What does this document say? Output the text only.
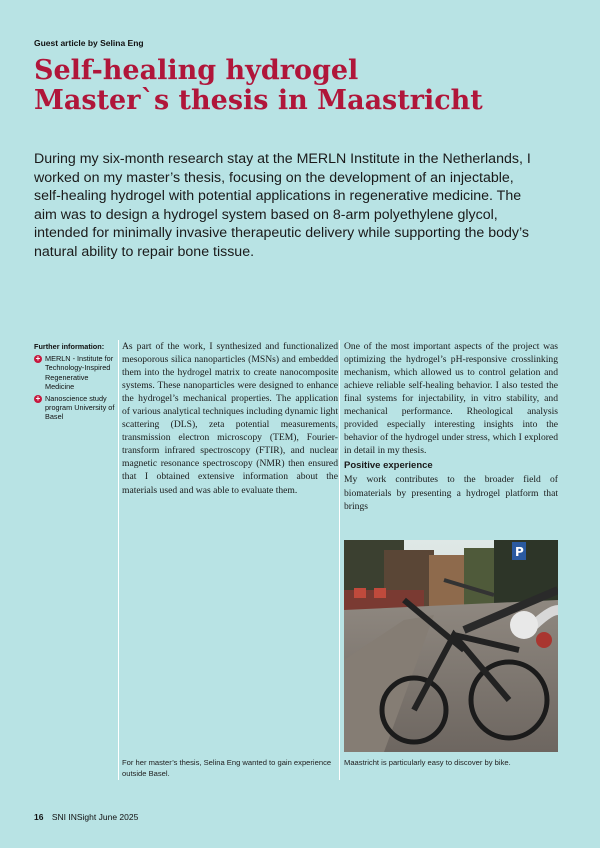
Guest article by Selina Eng
Self-healing hydrogel
Master`s thesis in Maastricht

During my six-month research stay at the MERLN Institute in the Netherlands, I worked on my master’s thesis, focusing on the development of an injectable, self-healing hydrogel with potential applications in regenerative medicine. The aim was to design a hydrogel system based on 8-arm polyethylene glycol, intended for minimally invasive therapeutic delivery while supporting the body’s natural ability to repair bone tissue.

Further information:
+ MERLN - Institute for Technology-Inspired Regenerative Medicine
+ Nanoscience study program University of Basel

As part of the work, I synthesized and functionalized mesoporous silica nanoparticles (MSNs) and embedded them into the hydrogel matrix to create nanocomposite systems. These nanoparticles were designed to enhance the hydrogel’s mechanical properties. The application of various analytical techniques including dynamic light scattering (DLS), zeta potential measurements, transmission electron microscopy (TEM), Fourier-transform infrared spectroscopy (FTIR), and nuclear magnetic resonance spectroscopy (NMR) then ensured that I obtained extensive information about the materials used and was able to evaluate them.

One of the most important aspects of the project was optimizing the hydrogel’s pH-responsive crosslinking mechanism, which allowed us to control gelation and achieve reliable self-healing behavior. I also tested the final systems for injectability, in vitro stability, and mechanical performance. Rheological analysis provided especially interesting insights into the behavior of the hydrogel under stress, which I explored in detail in my thesis.

Positive experience

My work contributes to the broader field of biomaterials by presenting a hydrogel platform that brings

P
For her master’s thesis, Selina Eng wanted to gain experience outside Basel.
Maastricht is particularly easy to discover by bike.
16 SNI INSight June 2025
